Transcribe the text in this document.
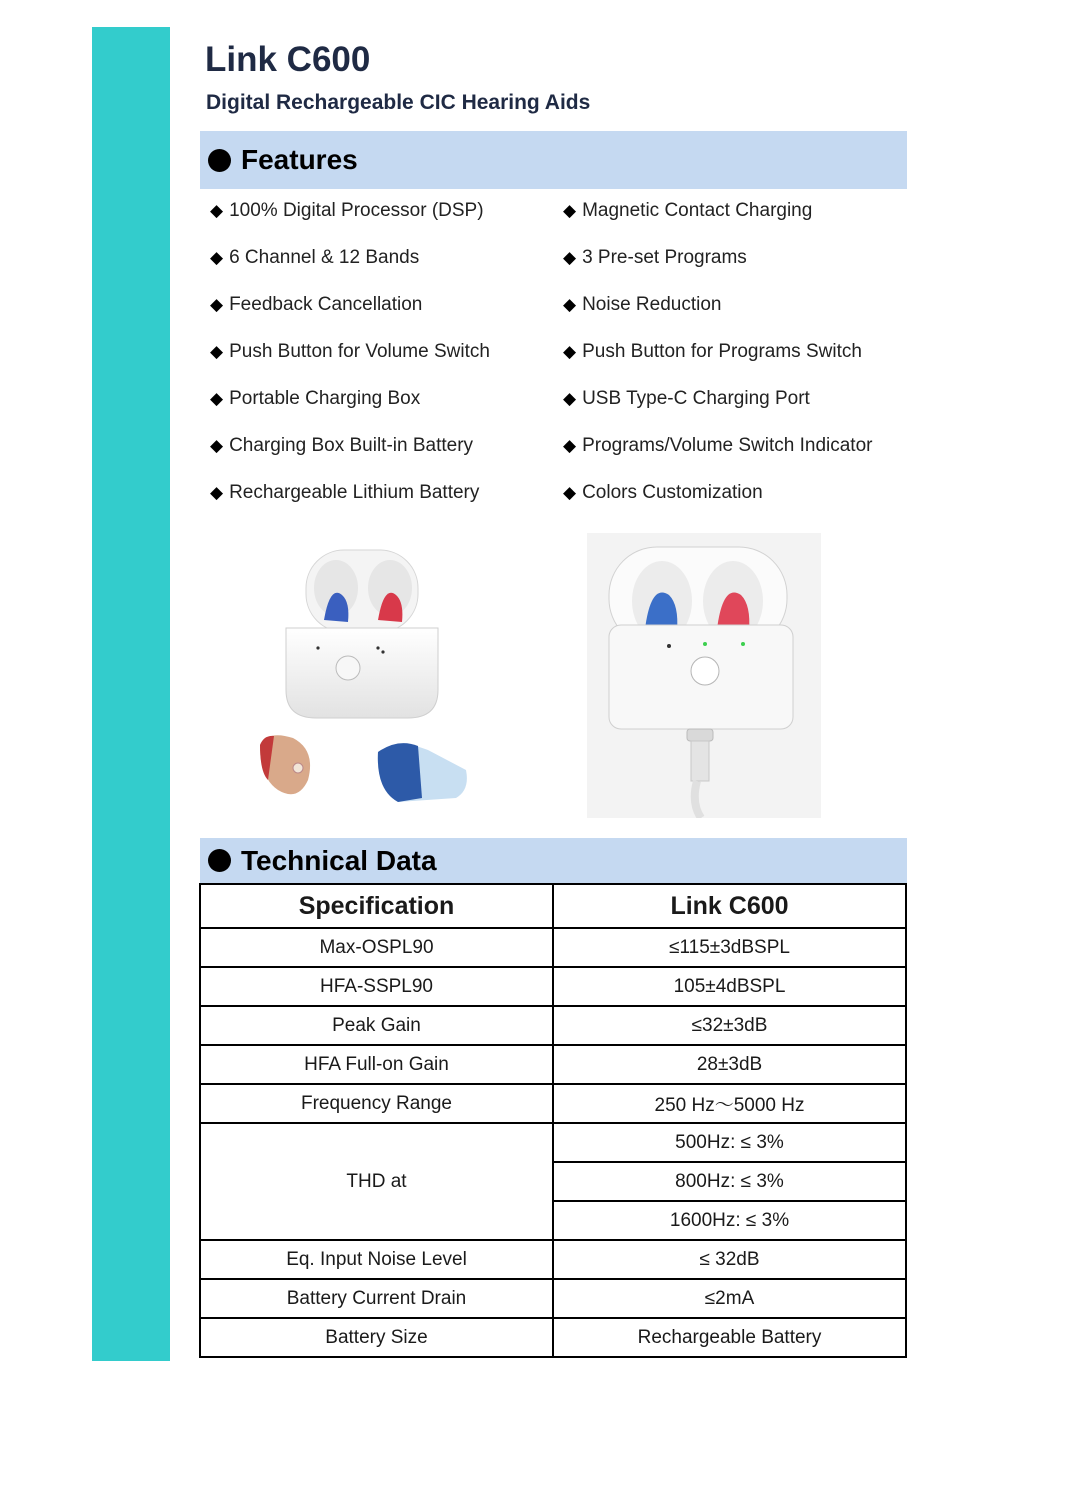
Link C600
Digital Rechargeable CIC Hearing Aids
Features
◆ 100% Digital Processor (DSP)
◆ 6 Channel & 12 Bands
◆ Feedback Cancellation
◆ Push Button for Volume Switch
◆ Portable Charging Box
◆ Charging Box Built-in Battery
◆ Rechargeable Lithium Battery
◆ Magnetic Contact Charging
◆ 3 Pre-set Programs
◆ Noise Reduction
◆ Push Button for Programs Switch
◆ USB Type-C Charging Port
◆ Programs/Volume Switch Indicator
◆ Colors Customization
Technical Data
Specification	Link C600
Max-OSPL90	≤115±3dBSPL
HFA-SSPL90	105±4dBSPL
Peak Gain	≤32±3dB
HFA Full-on Gain	28±3dB
Frequency Range	250 Hz～5000 Hz
THD at	500Hz: ≤ 3%
	800Hz: ≤ 3%
	1600Hz: ≤ 3%
Eq. Input Noise Level	≤ 32dB
Battery Current Drain	≤2mA
Battery Size	Rechargeable Battery
